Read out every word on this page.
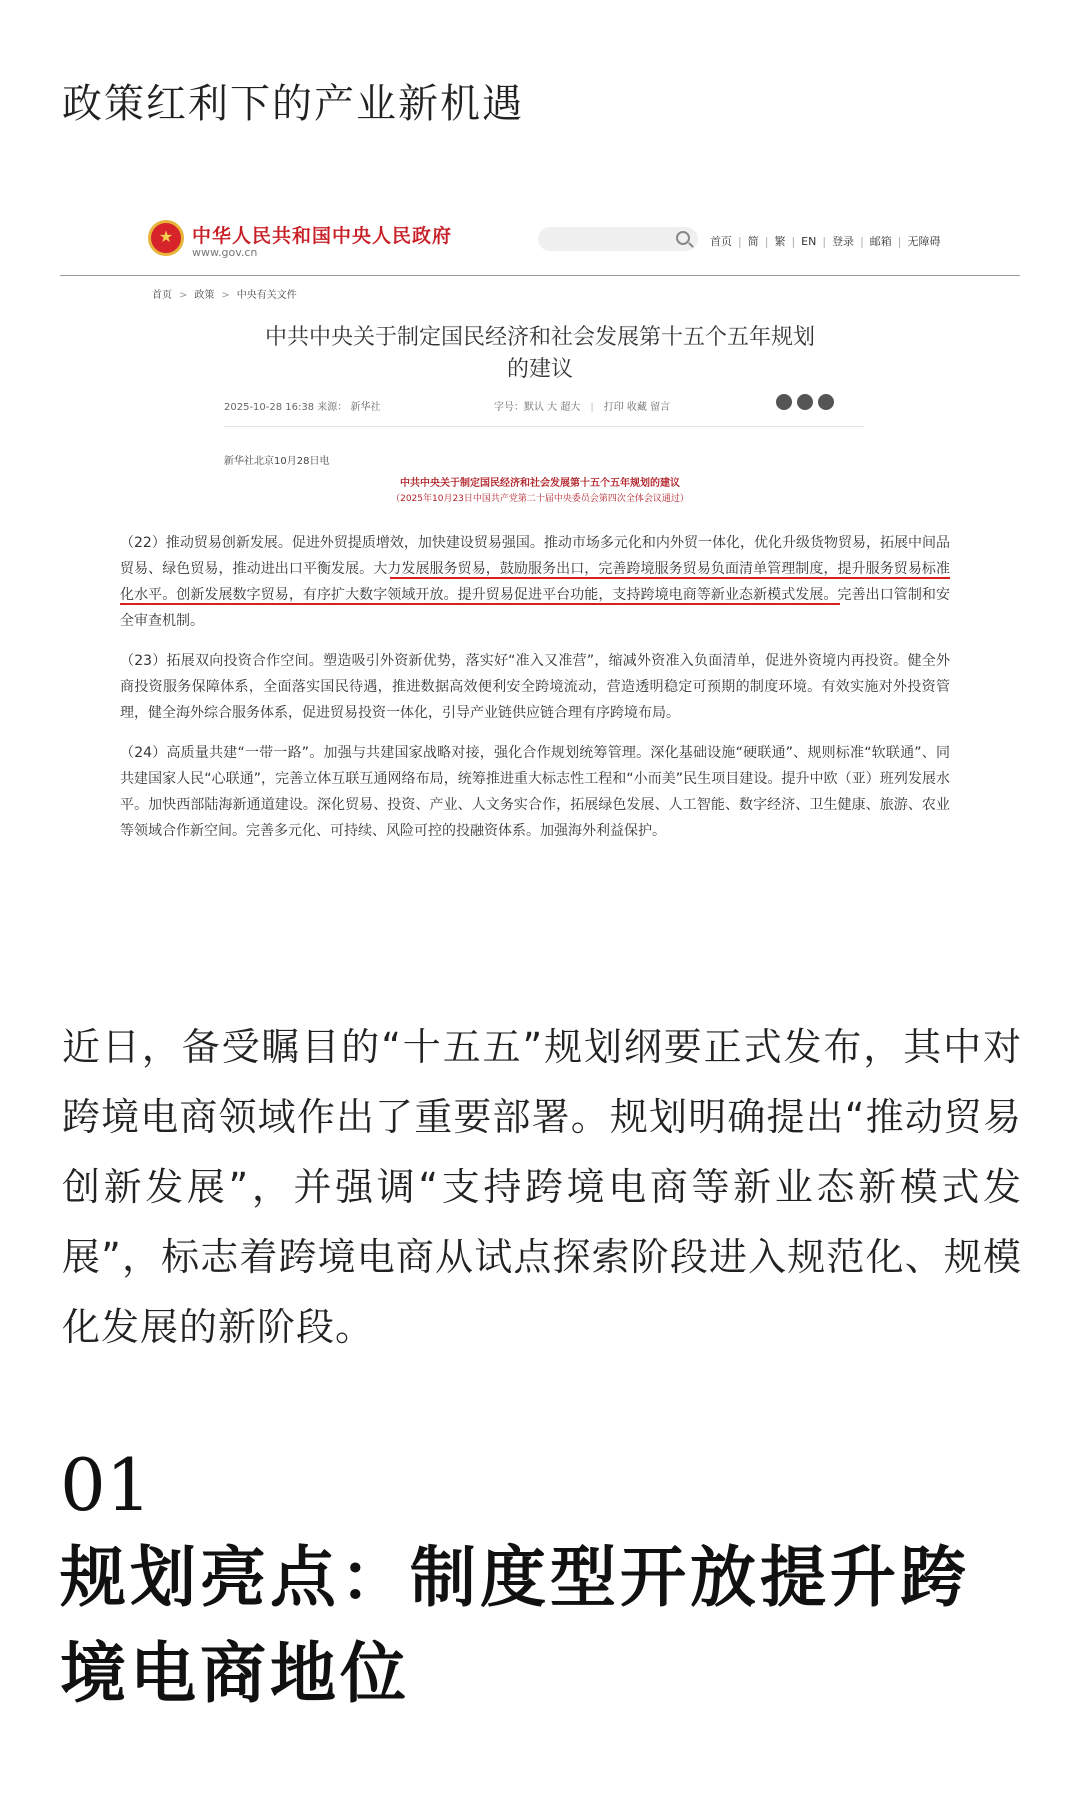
政策红利下的产业新机遇
★
中华人民共和国中央人民政府
www.gov.cn
首页 | 简 | 繁 | EN | 登录 | 邮箱 | 无障碍
首页 > 政策 > 中央有关文件
中共中央关于制定国民经济和社会发展第十五个五年规划
的建议
2025-10-28 16:38 来源： 新华社	字号：默认 大 超大 | 打印 收藏 留言
新华社北京10月28日电
中共中央关于制定国民经济和社会发展第十五个五年规划的建议
（2025年10月23日中国共产党第二十届中央委员会第四次全体会议通过）
（22）推动贸易创新发展。促进外贸提质增效，加快建设贸易强国。推动市场多元化和内外贸一体化，优化升级货物贸易，拓展中间品贸易、绿色贸易，推动进出口平衡发展。大力发展服务贸易，鼓励服务出口，完善跨境服务贸易负面清单管理制度，提升服务贸易标准化水平。创新发展数字贸易，有序扩大数字领域开放。提升贸易促进平台功能，支持跨境电商等新业态新模式发展。完善出口管制和安全审查机制。
（23）拓展双向投资合作空间。塑造吸引外资新优势，落实好“准入又准营”，缩减外资准入负面清单，促进外资境内再投资。健全外商投资服务保障体系，全面落实国民待遇，推进数据高效便利安全跨境流动，营造透明稳定可预期的制度环境。有效实施对外投资管理，健全海外综合服务体系，促进贸易投资一体化，引导产业链供应链合理有序跨境布局。
（24）高质量共建“一带一路”。加强与共建国家战略对接，强化合作规划统筹管理。深化基础设施“硬联通”、规则标准“软联通”、同共建国家人民“心联通”，完善立体互联互通网络布局，统筹推进重大标志性工程和“小而美”民生项目建设。提升中欧（亚）班列发展水平。加快西部陆海新通道建设。深化贸易、投资、产业、人文务实合作，拓展绿色发展、人工智能、数字经济、卫生健康、旅游、农业等领域合作新空间。完善多元化、可持续、风险可控的投融资体系。加强海外利益保护。
近日，备受瞩目的“十五五”规划纲要正式发布，其中对跨境电商领域作出了重要部署。规划明确提出“推动贸易创新发展”，并强调“支持跨境电商等新业态新模式发展”，标志着跨境电商从试点探索阶段进入规范化、规模化发展的新阶段。
01
规划亮点：制度型开放提升跨境电商地位
